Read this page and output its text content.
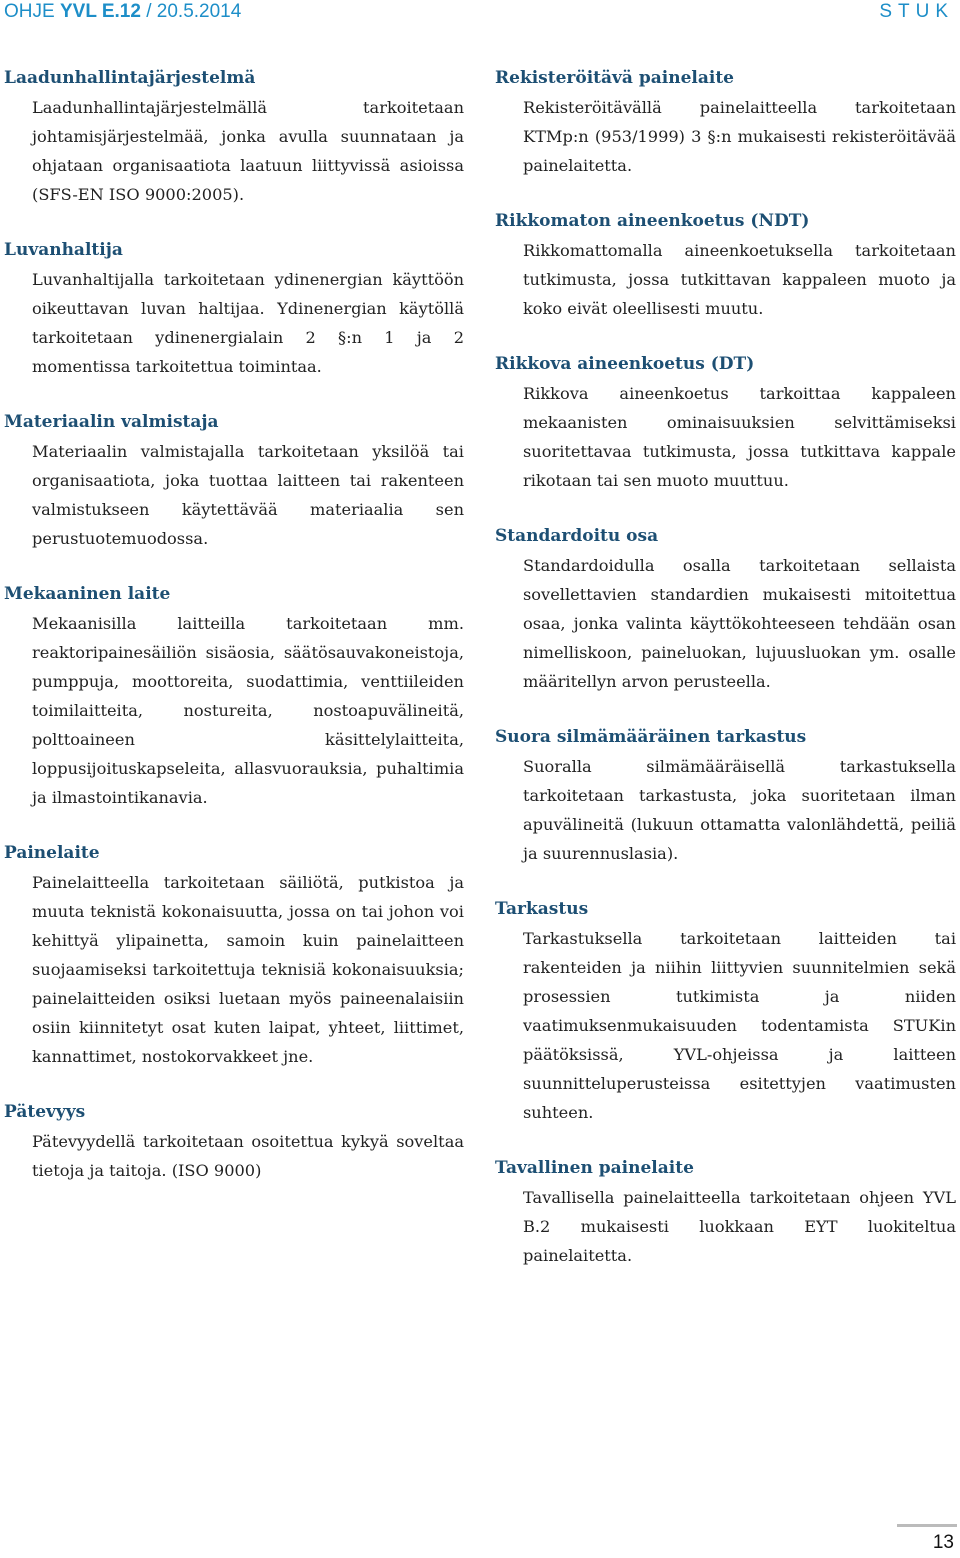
OHJE YVL E.12 / 20.5.2014	STUK
Laadunhallintajärjestelmä
Laadunhallintajärjestelmällä tarkoitetaan johtamisjärjestelmää, jonka avulla suunnataan ja ohjataan organisaatiota laatuun liittyvissä asioissa (SFS-EN ISO 9000:2005).
Luvanhaltija
Luvanhaltijalla tarkoitetaan ydinenergian käyttöön oikeuttavan luvan haltijaa. Ydinenergian käytöllä tarkoitetaan ydinenergialain 2 §:n 1 ja 2 momentissa tarkoitettua toimintaa.
Materiaalin valmistaja
Materiaalin valmistajalla tarkoitetaan yksilöä tai organisaatiota, joka tuottaa laitteen tai rakenteen valmistukseen käytettävää materiaalia sen perustuotemuodossa.
Mekaaninen laite
Mekaanisilla laitteilla tarkoitetaan mm. reaktoripainesäiliön sisäosia, säätösauvakoneistoja, pumppuja, moottoreita, suodattimia, venttiileiden toimilaitteita, nostureita, nostoapuvälineitä, polttoaineen käsittelylaitteita, loppusijoituskapseleita, allasvuorauksia, puhaltimia ja ilmastointikanavia.
Painelaite
Painelaitteella tarkoitetaan säiliötä, putkistoa ja muuta teknistä kokonaisuutta, jossa on tai johon voi kehittyä ylipainetta, samoin kuin painelaitteen suojaamiseksi tarkoitettuja teknisiä kokonaisuuksia; painelaitteiden osiksi luetaan myös paineenalaisiin osiin kiinnitetyt osat kuten laipat, yhteet, liittimet, kannattimet, nostokorvakkeet jne.
Pätevyys
Pätevyydellä tarkoitetaan osoitettua kykyä soveltaa tietoja ja taitoja. (ISO 9000)
Rekisteröitävä painelaite
Rekisteröitävällä painelaitteella tarkoitetaan KTMp:n (953/1999) 3 §:n mukaisesti rekisteröitävää painelaitetta.
Rikkomaton aineenkoetus (NDT)
Rikkomattomalla aineenkoetuksella tarkoitetaan tutkimusta, jossa tutkittavan kappaleen muoto ja koko eivät oleellisesti muutu.
Rikkova aineenkoetus (DT)
Rikkova aineenkoetus tarkoittaa kappaleen mekaanisten ominaisuuksien selvittämiseksi suoritettavaa tutkimusta, jossa tutkittava kappale rikotaan tai sen muoto muuttuu.
Standardoitu osa
Standardoidulla osalla tarkoitetaan sellaista sovellettavien standardien mukaisesti mitoitettua osaa, jonka valinta käyttökohteeseen tehdään osan nimelliskoon, paineluokan, lujuusluokan ym. osalle määritellyn arvon perusteella.
Suora silmämääräinen tarkastus
Suoralla silmämääräisellä tarkastuksella tarkoitetaan tarkastusta, joka suoritetaan ilman apuvälineitä (lukuun ottamatta valonlähdettä, peiliä ja suurennuslasia).
Tarkastus
Tarkastuksella tarkoitetaan laitteiden tai rakenteiden ja niihin liittyvien suunnitelmien sekä prosessien tutkimista ja niiden vaatimuksenmukaisuuden todentamista STUKin päätöksissä, YVL-ohjeissa ja laitteen suunnitteluperusteissa esitettyjen vaatimusten suhteen.
Tavallinen painelaite
Tavallisella painelaitteella tarkoitetaan ohjeen YVL B.2 mukaisesti luokkaan EYT luokiteltua painelaitetta.
13
